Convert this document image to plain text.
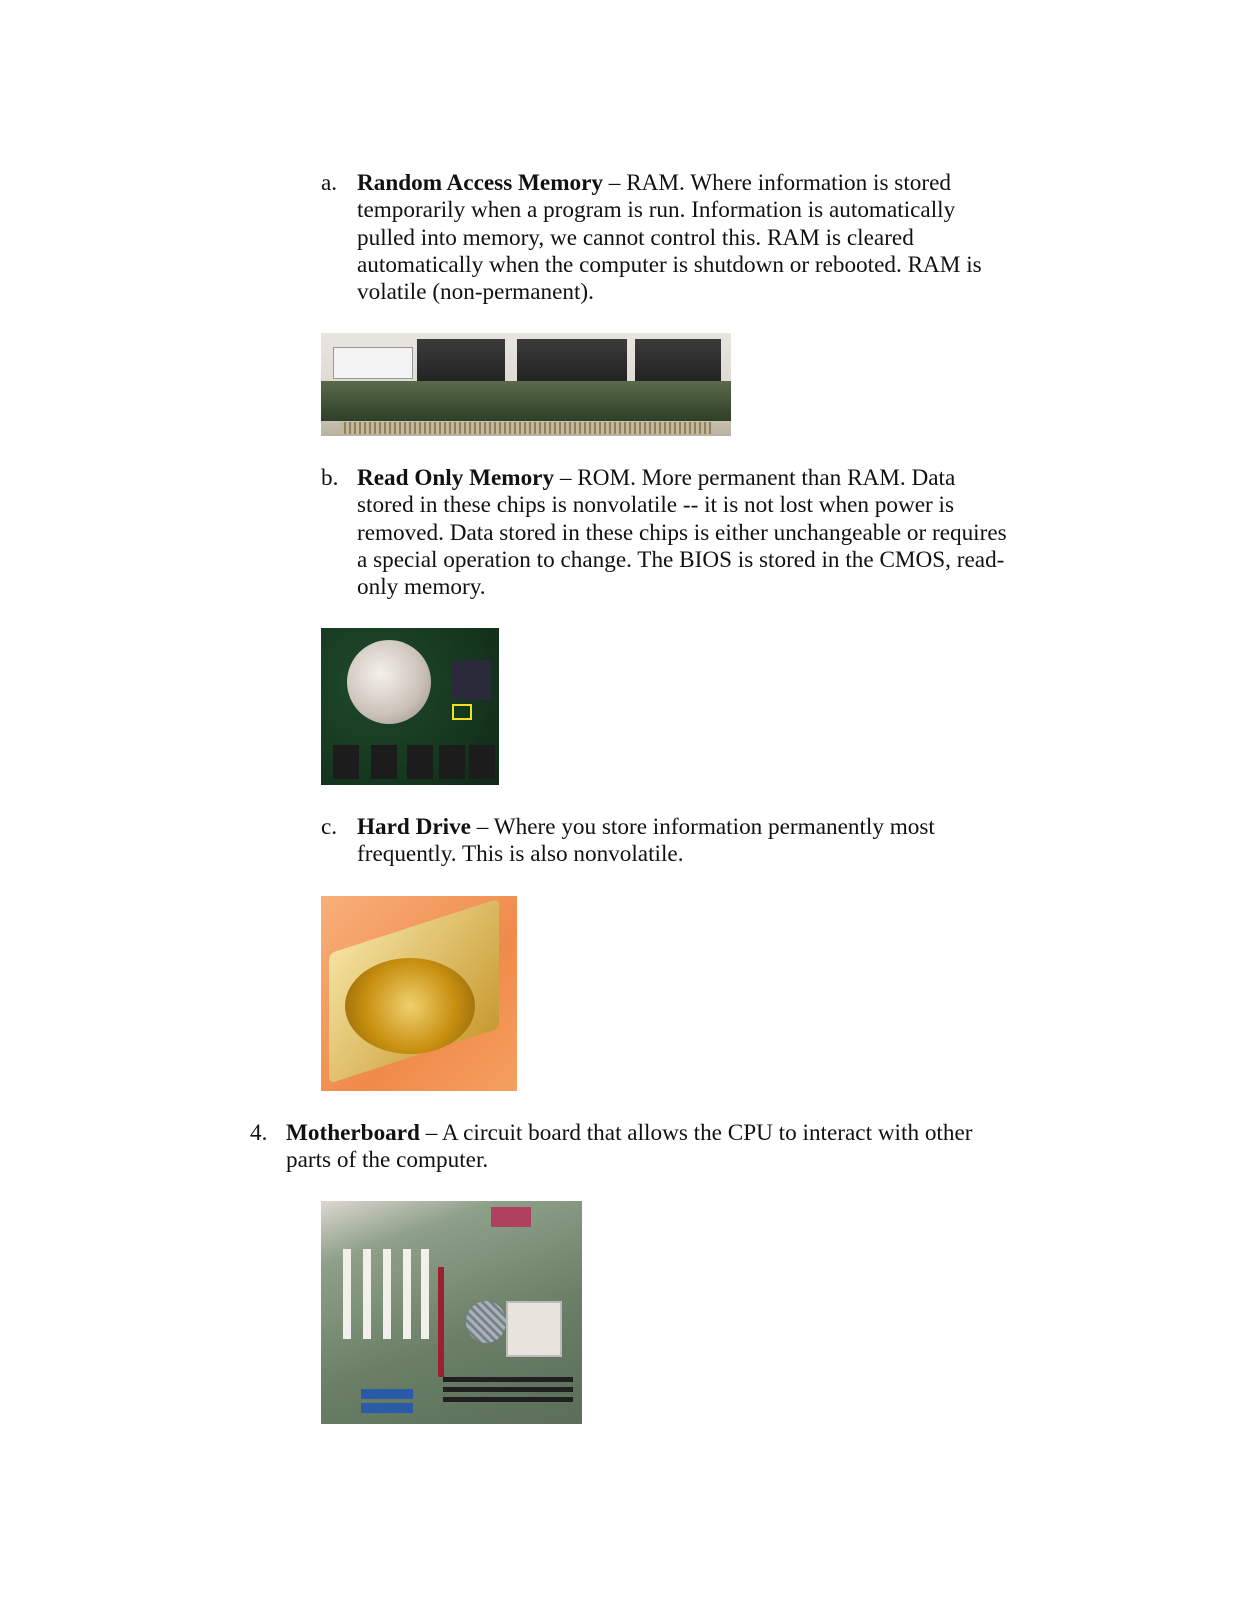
a. Random Access Memory – RAM. Where information is stored
temporarily when a program is run. Information is automatically
pulled into memory, we cannot control this. RAM is cleared
automatically when the computer is shutdown or rebooted. RAM is
volatile (non-permanent).
b. Read Only Memory – ROM. More permanent than RAM. Data
stored in these chips is nonvolatile -- it is not lost when power is
removed. Data stored in these chips is either unchangeable or requires
a special operation to change. The BIOS is stored in the CMOS, read-
only memory.
c. Hard Drive – Where you store information permanently most
frequently. This is also nonvolatile.
4. Motherboard – A circuit board that allows the CPU to interact with other
parts of the computer.
